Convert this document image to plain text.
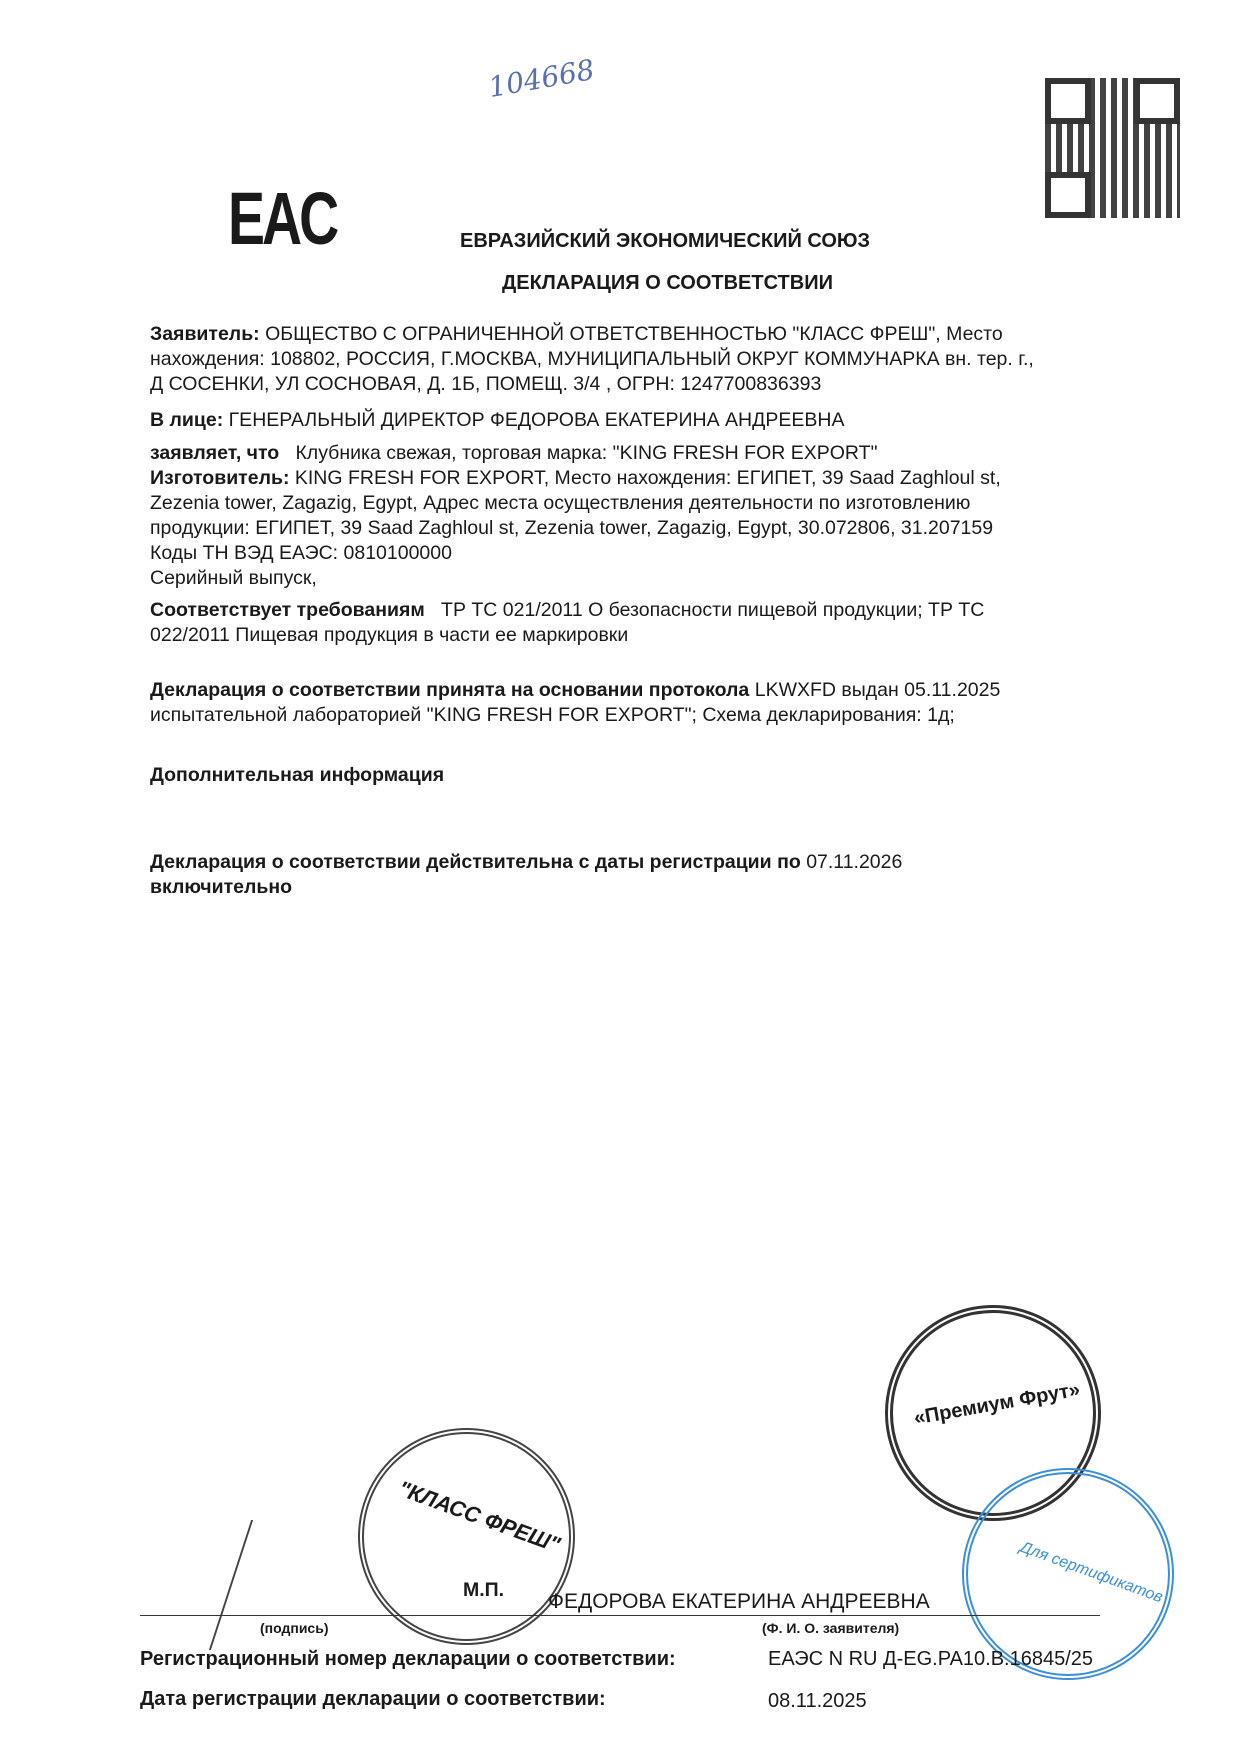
104668
EAC	ЕВРАЗИЙСКИЙ ЭКОНОМИЧЕСКИЙ СОЮЗ
ДЕКЛАРАЦИЯ О СООТВЕТСТВИИ
Заявитель: ОБЩЕСТВО С ОГРАНИЧЕННОЙ ОТВЕТСТВЕННОСТЬЮ "КЛАСС ФРЕШ", Место
нахождения: 108802, РОССИЯ, Г.МОСКВА, МУНИЦИПАЛЬНЫЙ ОКРУГ КОММУНАРКА вн. тер. г.,
Д СОСЕНКИ, УЛ СОСНОВАЯ, Д. 1Б, ПОМЕЩ. 3/4 , ОГРН: 1247700836393
В лице: ГЕНЕРАЛЬНЫЙ ДИРЕКТОР ФЕДОРОВА ЕКАТЕРИНА АНДРЕЕВНА
заявляет, что Клубника свежая, торговая марка: "KING FRESH FOR EXPORT"
Изготовитель: KING FRESH FOR EXPORT, Место нахождения: ЕГИПЕТ, 39 Saad Zaghloul st,
Zezenia tower, Zagazig, Egypt, Адрес места осуществления деятельности по изготовлению
продукции: ЕГИПЕТ, 39 Saad Zaghloul st, Zezenia tower, Zagazig, Egypt, 30.072806, 31.207159
Коды ТН ВЭД ЕАЭС: 0810100000
Серийный выпуск,
Соответствует требованиям ТР ТС 021/2011 О безопасности пищевой продукции; ТР ТС
022/2011 Пищевая продукция в части ее маркировки
Декларация о соответствии принята на основании протокола LKWXFD выдан 05.11.2025
испытательной лабораторией "KING FRESH FOR EXPORT"; Схема декларирования: 1д;
Дополнительная информация
Декларация о соответствии действительна с даты регистрации по 07.11.2026
включительно
«Премиум Фрут»
Для сертификатов
"КЛАСС ФРЕШ"
М.П. ФЕДОРОВА ЕКАТЕРИНА АНДРЕЕВНА
(подпись)	(Ф. И. О. заявителя)
Регистрационный номер декларации о соответствии:	ЕАЭС N RU Д-EG.PA10.B.16845/25
Дата регистрации декларации о соответствии:	08.11.2025
